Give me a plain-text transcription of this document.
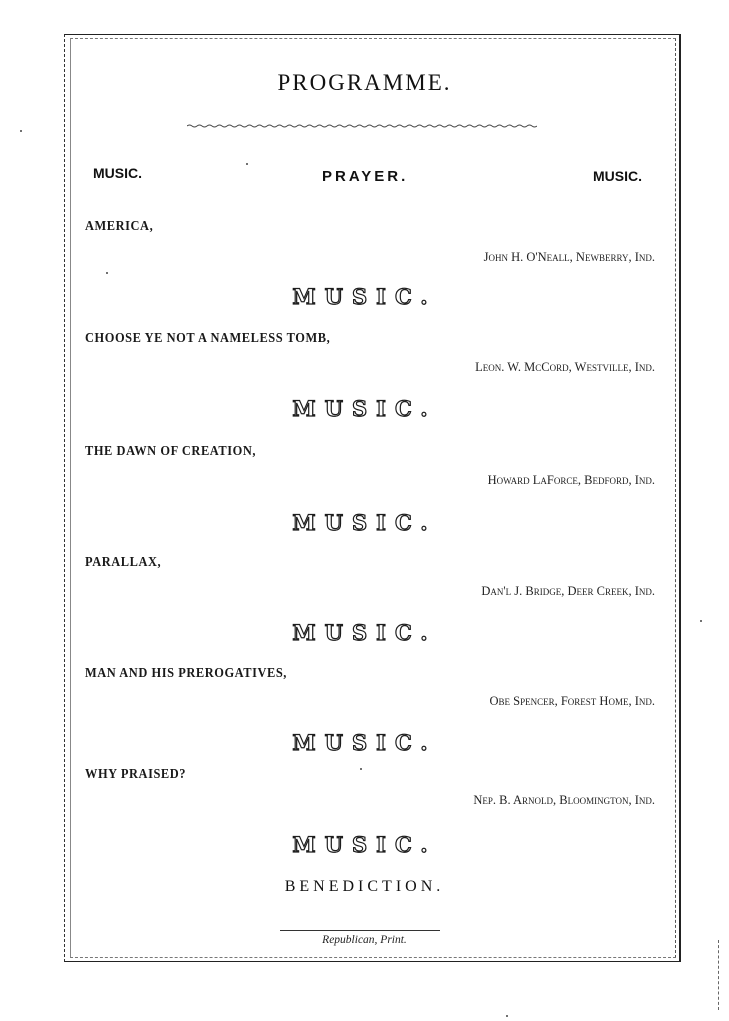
PROGRAMME.
MUSIC.	PRAYER.	MUSIC.
AMERICA,
John H. O'Neall, Newberry, Ind.
MUSIC.
CHOOSE YE NOT A NAMELESS TOMB,
Leon. W. McCord, Westville, Ind.
MUSIC.
THE DAWN OF CREATION,
Howard LaForce, Bedford, Ind.
MUSIC.
PARALLAX,
Dan'l J. Bridge, Deer Creek, Ind.
MUSIC.
MAN AND HIS PREROGATIVES,
Obe Spencer, Forest Home, Ind.
MUSIC.
WHY PRAISED?
Nep. B. Arnold, Bloomington, Ind.
MUSIC.
BENEDICTION.
Republican, Print.
